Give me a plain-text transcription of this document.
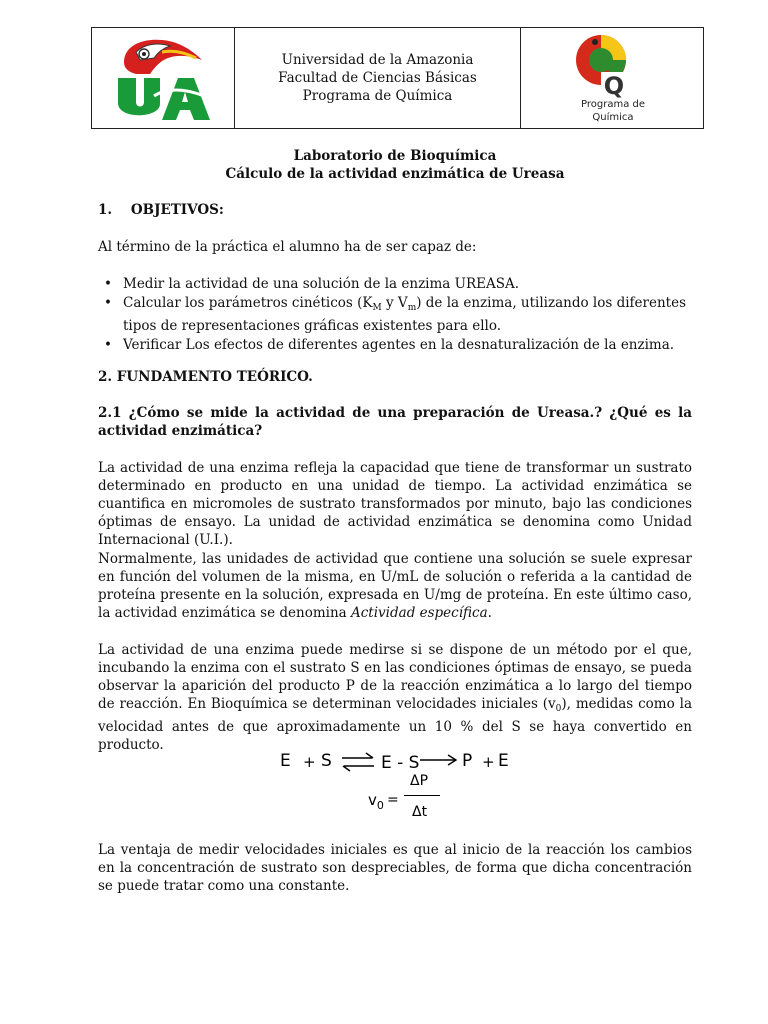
Universidad de la Amazonia
Facultad de Ciencias Básicas
Programa de Química	Q
Programa de
Química
Laboratorio de Bioquímica
Cálculo de la actividad enzimática de Ureasa
1.    OBJETIVOS:
Al término de la práctica el alumno ha de ser capaz de:
• Medir la actividad de una solución de la enzima UREASA.
• Calcular los parámetros cinéticos ($K_M$ y $V_m$) de la enzima, utilizando los diferentes tipos de representaciones gráficas existentes para ello.
• Verificar Los efectos de diferentes agentes en la desnaturalización de la enzima.
2. FUNDAMENTO TEÓRICO.
2.1 ¿Cómo se mide la actividad de una preparación de Ureasa.? ¿Qué es la actividad enzimática?
La actividad de una enzima refleja la capacidad que tiene de transformar un sustrato determinado en producto en una unidad de tiempo. La actividad enzimática se cuantifica en micromoles de sustrato transformados por minuto, bajo las condiciones óptimas de ensayo. La unidad de actividad enzimática se denomina como Unidad Internacional (U.I.).
Normalmente, las unidades de actividad que contiene una solución se suele expresar en función del volumen de la misma, en U/mL de solución o referida a la cantidad de proteína presente en la solución, expresada en U/mg de proteína. En este último caso, la actividad enzimática se denomina Actividad específica.
La actividad de una enzima puede medirse si se dispone de un método por el que, incubando la enzima con el sustrato S en las condiciones óptimas de ensayo, se pueda observar la aparición del producto P de la reacción enzimática a lo largo del tiempo de reacción. En Bioquímica se determinan velocidades iniciales $(v_0)$, medidas como la velocidad antes de que aproximadamente un 10 % del S se haya convertido en producto.
E + S ⇌ E - S	P + E
$v_0$ =
ΔP
Δt
La ventaja de medir velocidades iniciales es que al inicio de la reacción los cambios en la concentración de sustrato son despreciables, de forma que dicha concentración se puede tratar como una constante.
